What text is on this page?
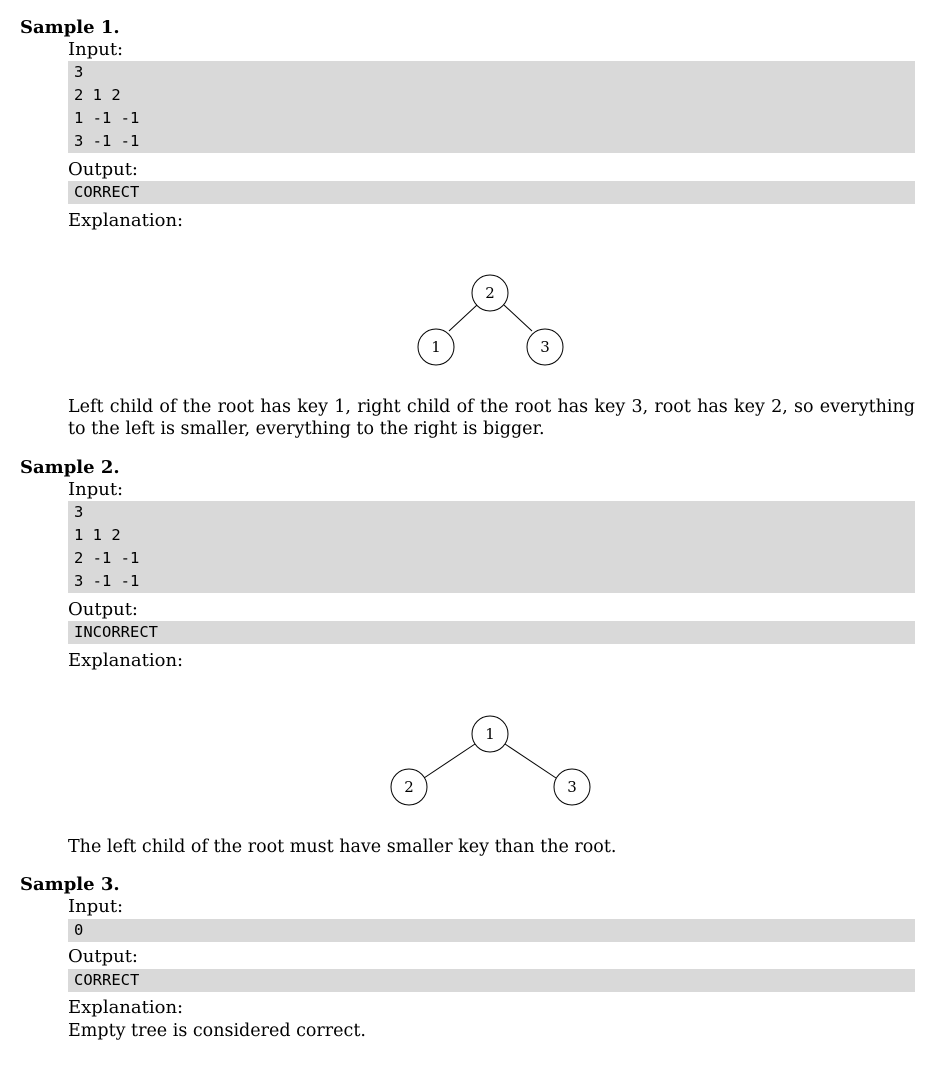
Sample 1.
Input:
3
2 1 2
1 -1 -1
3 -1 -1
Output:
CORRECT
Explanation:
2
1	3
Left child of the root has key 1, right child of the root has key 3, root has key 2, so everything to the left is smaller, everything to the right is bigger.
Sample 2.
Input:
3
1 1 2
2 -1 -1
3 -1 -1
Output:
INCORRECT
Explanation:
1
2	3
The left child of the root must have smaller key than the root.
Sample 3.
Input:
0
Output:
CORRECT
Explanation:
Empty tree is considered correct.
